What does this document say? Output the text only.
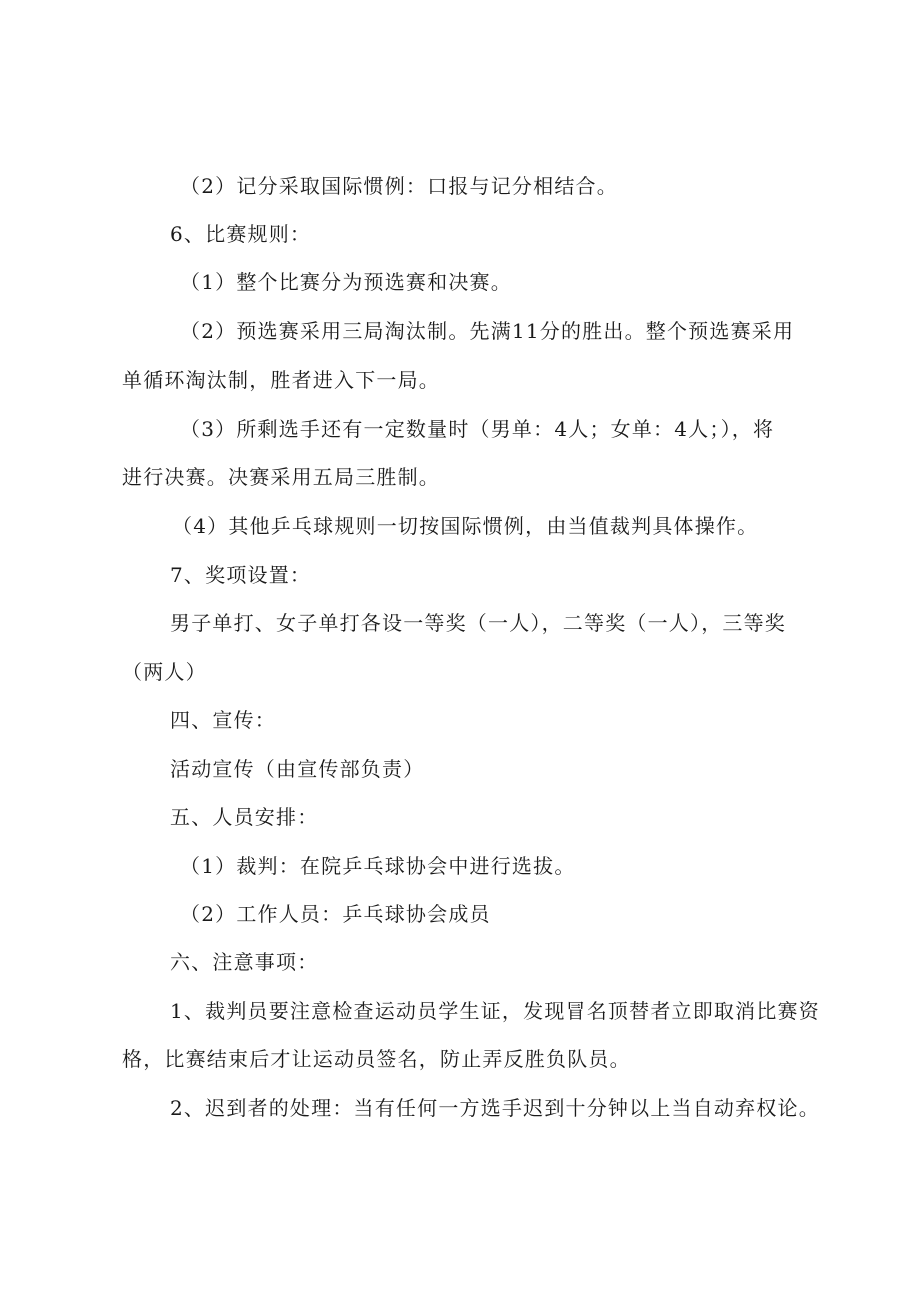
（2）记分采取国际惯例：口报与记分相结合。
6、比赛规则：
（1）整个比赛分为预选赛和决赛。
（2）预选赛采用三局淘汰制。先满11分的胜出。整个预选赛采用
单循环淘汰制，胜者进入下一局。
（3）所剩选手还有一定数量时（男单：4人；女单：4人；），将
进行决赛。决赛采用五局三胜制。
（4）其他乒乓球规则一切按国际惯例，由当值裁判具体操作。
7、奖项设置：
男子单打、女子单打各设一等奖（一人），二等奖（一人），三等奖
（两人）
四、宣传：
活动宣传（由宣传部负责）
五、人员安排：
（1）裁判：在院乒乓球协会中进行选拔。
（2）工作人员：乒乓球协会成员
六、注意事项：
1、裁判员要注意检查运动员学生证，发现冒名顶替者立即取消比赛资
格，比赛结束后才让运动员签名，防止弄反胜负队员。
2、迟到者的处理：当有任何一方选手迟到十分钟以上当自动弃权论。
